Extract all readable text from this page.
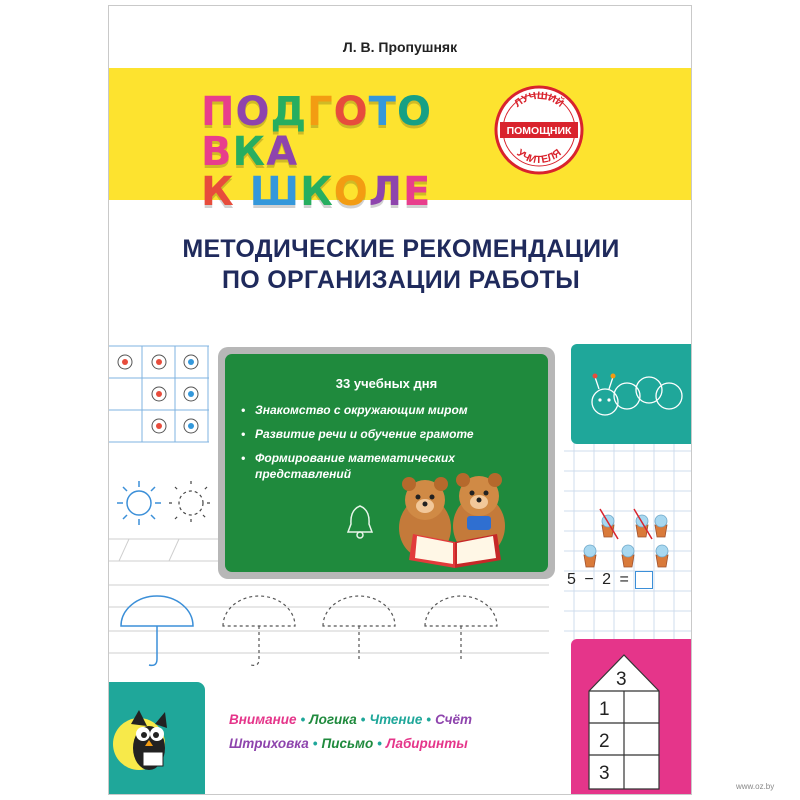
Л. В. Пропушняк
ПОДГОТОВКА
К ШКОЛЕ
ЛУЧШИЙ
ПОМОЩНИК
УЧИТЕЛЯ
МЕТОДИЧЕСКИЕ РЕКОМЕНДАЦИИ
ПО ОРГАНИЗАЦИИ РАБОТЫ
33 учебных дня
• Знакомство с окружающим миром
• Развитие речи и обучение грамоте
• Формирование математических представлений
5 − 2 =
3
1
2
3
Внимание • Логика • Чтение • Счёт
Штриховка • Письмо • Лабиринты
www.oz.by
